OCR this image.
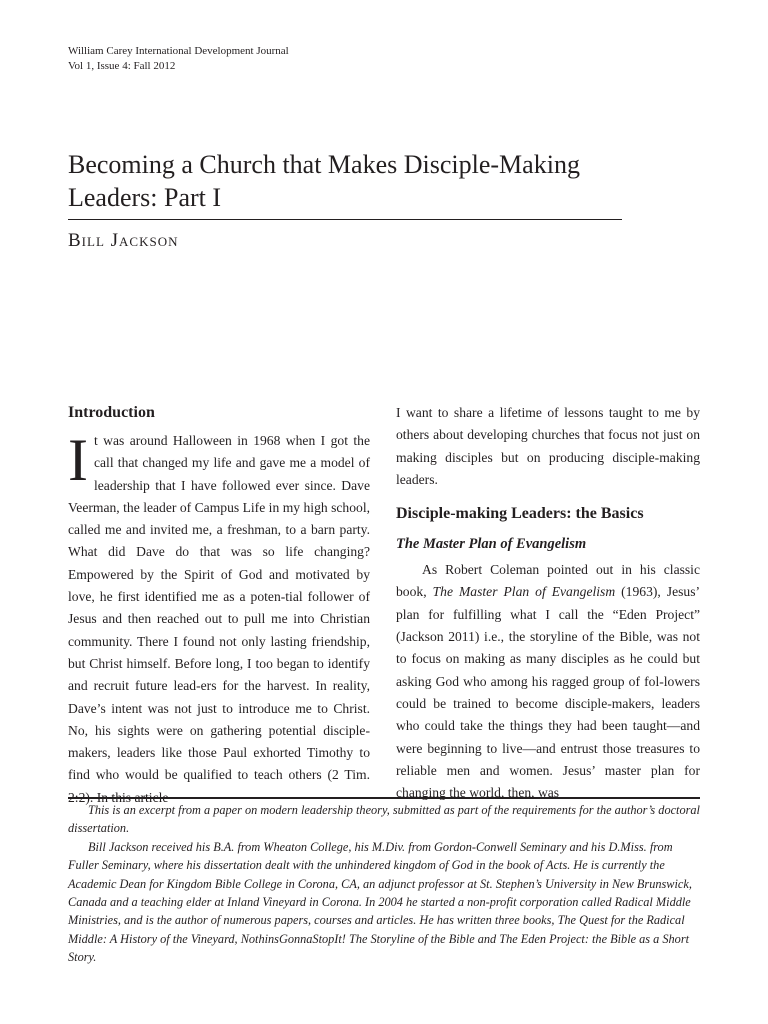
William Carey International Development Journal
Vol 1, Issue 4: Fall 2012
Becoming a Church that Makes Disciple-Making Leaders: Part I
Bill Jackson
Introduction

It was around Halloween in 1968 when I got the call that changed my life and gave me a model of leadership that I have followed ever since. Dave Veerman, the leader of Campus Life in my high school, called me and invited me, a freshman, to a barn party. What did Dave do that was so life changing? Empowered by the Spirit of God and motivated by love, he first identified me as a poten-tial follower of Jesus and then reached out to pull me into Christian community. There I found not only lasting friendship, but Christ himself. Before long, I too began to identify and recruit future lead-ers for the harvest. In reality, Dave’s intent was not just to introduce me to Christ. No, his sights were on gathering potential disciple-makers, leaders like those Paul exhorted Timothy to find who would be qualified to teach others (2 Tim. 2:2). In this article

I want to share a lifetime of lessons taught to me by others about developing churches that focus not just on making disciples but on producing disciple-making leaders.

Disciple-making Leaders: the Basics
The Master Plan of Evangelism

As Robert Coleman pointed out in his classic book, The Master Plan of Evangelism (1963), Jesus’ plan for fulfilling what I call the “Eden Project” (Jackson 2011) i.e., the storyline of the Bible, was not to focus on making as many disciples as he could but asking God who among his ragged group of fol-lowers could be trained to become disciple-makers, leaders who could take the things they had been taught—and were beginning to live—and entrust those treasures to reliable men and women. Jesus’ master plan for changing the world, then, was

This is an excerpt from a paper on modern leadership theory, submitted as part of the requirements for the author’s doctoral dissertation.

Bill Jackson received his B.A. from Wheaton College, his M.Div. from Gordon-Conwell Seminary and his D.Miss. from Fuller Seminary, where his dissertation dealt with the unhindered kingdom of God in the book of Acts. He is currently the Academic Dean for Kingdom Bible College in Corona, CA, an adjunct professor at St. Stephen’s University in New Brunswick, Canada and a teaching elder at Inland Vineyard in Corona. In 2004 he started a non-profit corporation called Radical Middle Ministries, and is the author of numerous papers, courses and articles. He has written three books, The Quest for the Radical Middle: A History of the Vineyard, NothinsGonnaStopIt! The Storyline of the Bible and The Eden Project: the Bible as a Short Story.
